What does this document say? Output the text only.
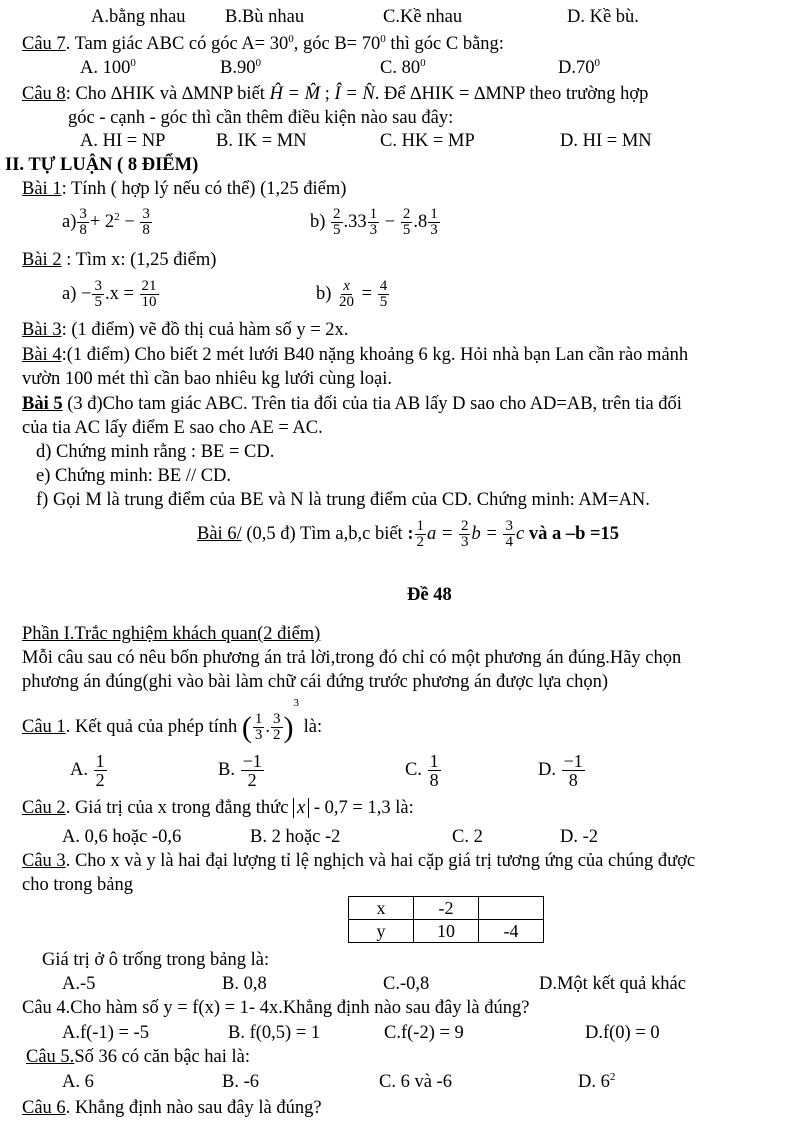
A.bằng nhau B.Bù nhau	C.Kề nhau	D. Kề bù.
Câu 7. Tam giác ABC có góc $A= 30^0$, góc $B= 70^0$ thì góc C bằng:
A. $100^0$	$B.90^0$	C. $80^0$	$D.70^0$
Câu 8: Cho ∆HIK và ∆MNP biết Ĥ = M̂ ; Î = N̂. Để ∆HIK = ∆MNP theo trường hợp
góc - cạnh - góc thì cần thêm điều kiện nào sau đây:
A. HI = NP	B. IK = MN	C. HK = MP	D. HI = MN
II. TỰ LUẬN ( 8 ĐIỂM)
Bài 1: Tính ( hợp lý nếu có thể) (1,25 điểm)
$a) \frac{3}{8} + 2^2 - \frac{3}{8}$	$b) \frac{2}{5} .33 \frac{1}{3} - \frac{2}{5} .8 \frac{1}{3}$
Bài 2 : Tìm x: (1,25 điểm)
$a) - \frac{3}{5} .x = \frac{21}{10}$	$b) \frac{x}{20} = \frac{4}{5}$
Bài 3: (1 điểm) vẽ đồ thị cuả hàm số y = 2x.
Bài 4:(1 điểm) Cho biết 2 mét lưới B40 nặng khoảng 6 kg. Hỏi nhà bạn Lan cần rào mảnh
vườn 100 mét thì cần bao nhiêu kg lưới cùng loại.
Bài 5 (3 đ)Cho tam giác ABC. Trên tia đối của tia AB lấy D sao cho AD=AB, trên tia đối
của tia AC lấy điểm E sao cho AE = AC.
d) Chứng minh rằng : BE = CD.
e) Chứng minh: BE // CD.
f) Gọi M là trung điểm của BE và N là trung điểm của CD. Chứng minh: AM=AN.
Bài 6/ (0,5 đ) Tìm a,b,c biết : $\frac{1}{2}$ $a = \frac{2}{3}$ $b = \frac{3}{4}$ c và a –b =15
Đề 48
Phần I.Trắc nghiệm khách quan(2 điểm)
Mỗi câu sau có nêu bốn phương án trả lời,trong đó chỉ có một phương án đúng.Hãy chọn
phương án đúng(ghi vào bài làm chữ cái đứng trước phương án được lựa chọn)
Câu 1. Kết quả của phép tính ( $\frac{1}{3}$ . $\frac{3}{2} )^3$ là:
A. $\frac{1}{2}$	B. $\frac{-1}{2}$	C. $\frac{1}{8}$	D. $\frac{-1}{8}$
Câu 2. Giá trị của x trong đẳng thức x - 0,7 = 1,3 là:
A. 0,6 hoặc -0,6	B. 2 hoặc -2	C. 2	D. -2
Câu 3. Cho x và y là hai đại lượng tỉ lệ nghịch và hai cặp giá trị tương ứng của chúng được
cho trong bảng
x	-2	
y	10	-4
Giá trị ở ô trống trong bảng là:
A.-5	B. 0,8	C.-0,8	D.Một kết quả khác
Câu 4.Cho hàm số y = f(x) = 1- 4x.Khẳng định nào sau đây là đúng?
A.f(-1) = -5	B. f(0,5) = 1	C.f(-2) = 9	D.f(0) = 0
Câu 5.Số 36 có căn bậc hai là:
A. 6	B. -6	C. 6 và -6	D. $6^2$
Câu 6. Khẳng định nào sau đây là đúng?
